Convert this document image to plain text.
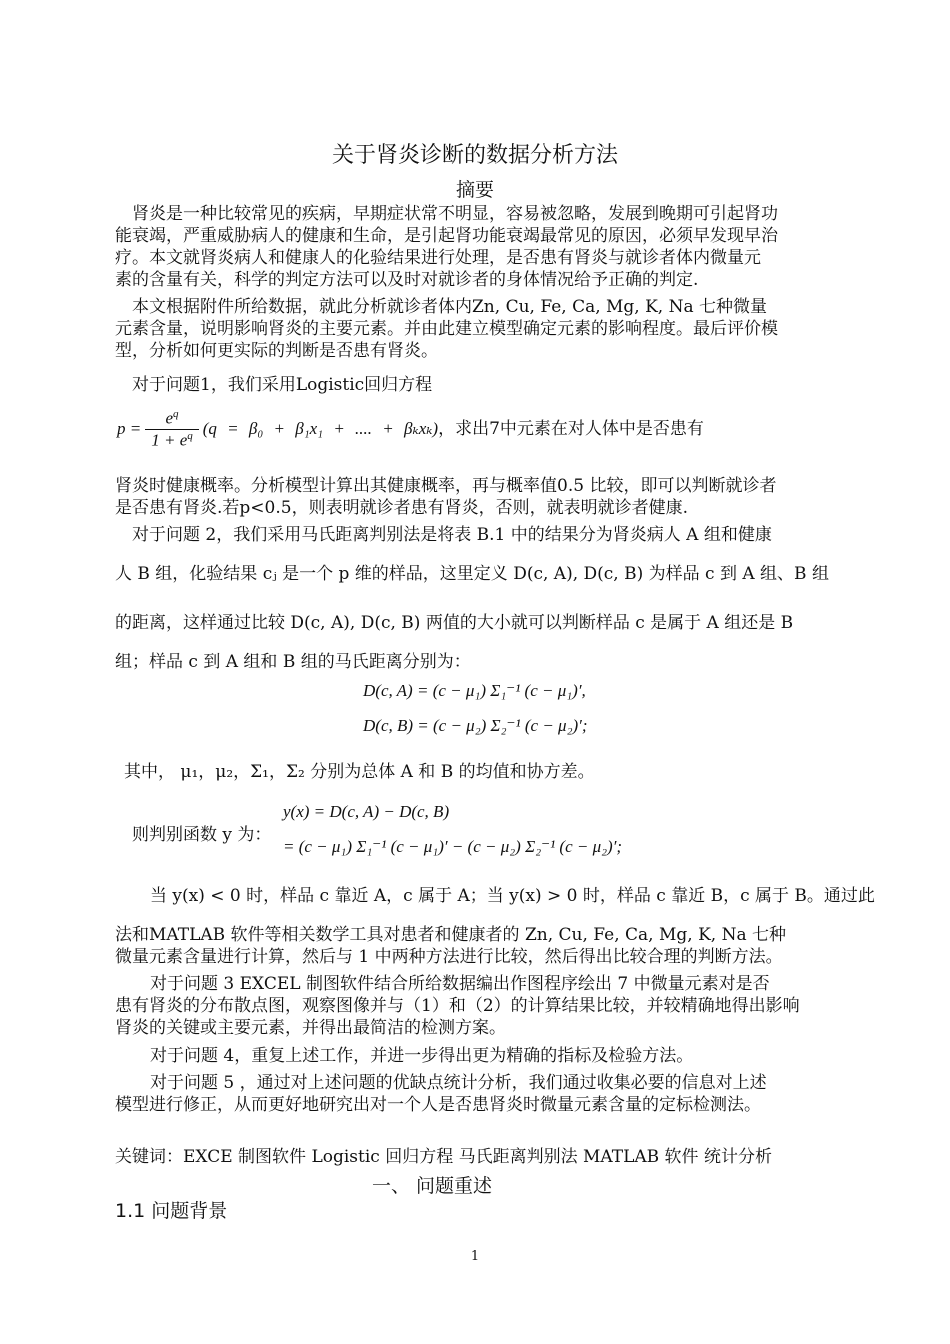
关于肾炎诊断的数据分析方法
摘要
肾炎是一种比较常见的疾病，早期症状常不明显，容易被忽略，发展到晚期可引起肾功
能衰竭，严重威胁病人的健康和生命，是引起肾功能衰竭最常见的原因，必须早发现早治
疗。本文就肾炎病人和健康人的化验结果进行处理，是否患有肾炎与就诊者体内微量元
素的含量有关，科学的判定方法可以及时对就诊者的身体情况给予正确的判定.
本文根据附件所给数据，就此分析就诊者体内Zn, Cu, Fe, Ca, Mg, K, Na 七种微量
元素含量，说明影响肾炎的主要元素。并由此建立模型确定元素的影响程度。最后评价模
型，分析如何更实际的判断是否患有肾炎。
对于问题1，我们采用Logistic回归方程
$p = \frac{e^q}{1 + e^q} (q = \beta_0 + \beta_1x_1$ + .... + βₖxₖ) ，求出7中元素在对人体中是否患有
肾炎时健康概率。分析模型计算出其健康概率，再与概率值0.5 比较，即可以判断就诊者
是否患有肾炎.若p<0.5，则表明就诊者患有肾炎，否则，就表明就诊者健康.
对于问题 2，我们采用马氏距离判别法是将表 B.1 中的结果分为肾炎病人 A 组和健康
人 B 组，化验结果 cⱼ 是一个 p 维的样品，这里定义 D(c, A), D(c, B) 为样品 c 到 A 组、B 组
的距离，这样通过比较 D(c, A), D(c, B) 两值的大小就可以判断样品 c 是属于 A 组还是 B
组；样品 c 到 A 组和 B 组的马氏距离分别为：
D(c, A) = (c − μ₁) Σ₁⁻¹ (c − μ₁)′,
D(c, B) = (c − μ₂) Σ₂⁻¹ (c − μ₂)′;
其中， μ₁，μ₂，Σ₁，Σ₂ 分别为总体 A 和 B 的均值和协方差。
则判别函数 y 为：
y(x) = D(c, A) − D(c, B)
= (c − μ₁) Σ₁⁻¹ (c − μ₁)′ − (c − μ₂) Σ₂⁻¹ (c − μ₂)′;
当 y(x) < 0 时，样品 c 靠近 A，c 属于 A；当 y(x) > 0 时，样品 c 靠近 B，c 属于 B。通过此
法和MATLAB 软件等相关数学工具对患者和健康者的 Zn, Cu, Fe, Ca, Mg, K, Na 七种
微量元素含量进行计算，然后与 1 中两种方法进行比较，然后得出比较合理的判断方法。
对于问题 3 EXCEL 制图软件结合所给数据编出作图程序绘出 7 中微量元素对是否
患有肾炎的分布散点图，观察图像并与（1）和（2）的计算结果比较，并较精确地得出影响
肾炎的关键或主要元素，并得出最简洁的检测方案。
对于问题 4，重复上述工作，并进一步得出更为精确的指标及检验方法。
对于问题 5 ，通过对上述问题的优缺点统计分析，我们通过收集必要的信息对上述
模型进行修正，从而更好地研究出对一个人是否患肾炎时微量元素含量的定标检测法。
关键词：EXCE 制图软件 Logistic 回归方程 马氏距离判别法 MATLAB 软件 统计分析
一、 问题重述
1.1 问题背景
1
